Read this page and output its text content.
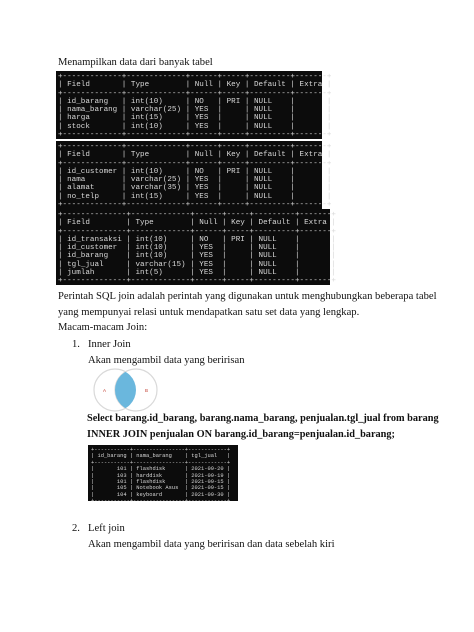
Menampilkan data dari banyak tabel
+-------------+-------------+------+-----+---------+-------+
| Field       | Type        | Null | Key | Default | Extra |
+-------------+-------------+------+-----+---------+-------+
| id_barang   | int(10)     | NO   | PRI | NULL    |       |
| nama_barang | varchar(25) | YES  |     | NULL    |       |
| harga       | int(15)     | YES  |     | NULL    |       |
| stock       | int(10)     | YES  |     | NULL    |       |
+-------------+-------------+------+-----+---------+-------+
+-------------+-------------+------+-----+---------+-------+
| Field       | Type        | Null | Key | Default | Extra |
+-------------+-------------+------+-----+---------+-------+
| id_customer | int(10)     | NO   | PRI | NULL    |       |
| nama        | varchar(25) | YES  |     | NULL    |       |
| alamat      | varchar(35) | YES  |     | NULL    |       |
| no_telp     | int(15)     | YES  |     | NULL    |       |
+-------------+-------------+------+-----+---------+-------+
+--------------+-------------+------+-----+---------+-------+
| Field        | Type        | Null | Key | Default | Extra |
+--------------+-------------+------+-----+---------+-------+
| id_transaksi | int(10)     | NO   | PRI | NULL    |       |
| id_customer  | int(10)     | YES  |     | NULL    |       |
| id_barang    | int(10)     | YES  |     | NULL    |       |
| tgl_jual     | varchar(15) | YES  |     | NULL    |       |
| jumlah       | int(5)      | YES  |     | NULL    |       |
+--------------+-------------+------+-----+---------+-------+
Perintah SQL join adalah perintah yang digunakan untuk menghubungkan beberapa tabel
yang mempunyai relasi untuk mendapatkan satu set data yang lengkap.
Macam-macam Join:
1. Inner Join
Akan mengambil data yang beririsan
A	B
Select barang.id_barang, barang.nama_barang, penjualan.tgl_jual from barang
INNER JOIN penjualan ON barang.id_barang=penjualan.id_barang;
+-----------+----------------+------------+
| id_barang | nama_barang    | tgl_jual   |
+-----------+----------------+------------+
|       101 | flashdisk      | 2021-09-20 |
|       103 | harddisk       | 2021-09-19 |
|       101 | flashdisk      | 2021-09-15 |
|       105 | Notebook Asus  | 2021-09-15 |
|       104 | keyboard       | 2021-09-30 |
+-----------+----------------+------------+
2. Left join
Akan mengambil data yang beririsan dan data sebelah kiri
